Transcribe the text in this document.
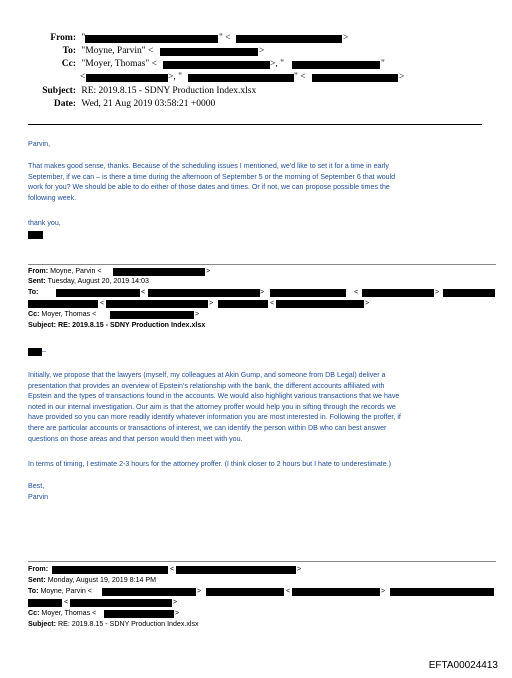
From: "	" <	>
To: "Moyne, Parvin" <	>
Cc: "Moyer, Thomas" <	>, "	"
<	>, "	" <	>
Subject: RE: 2019.8.15 - SDNY Production Index.xlsx
Date: Wed, 21 Aug 2019 03:58:21 +0000
Parvin,
That makes good sense, thanks. Because of the scheduling issues I mentioned, we'd like to set it for a time in early
September, if we can – is there a time during the afternoon of September 5 or the morning of September 6 that would
work for you? We should be able to do either of those dates and times. Or if not, we can propose possible times the
following week.
thank you,
From: Moyne, Parvin <	>
Sent: Tuesday, August 20, 2019 14:03
To:	<	>	<	>
<	>	<	>
Cc: Moyer, Thomas <	>
Subject: RE: 2019.8.15 - SDNY Production Index.xlsx
–
Initially, we propose that the lawyers (myself, my colleagues at Akin Gump, and someone from DB Legal) deliver a
presentation that provides an overview of Epstein's relationship with the bank, the different accounts affiliated with
Epstein and the types of transactions found in the accounts. We would also highlight various transactions that we have
noted in our internal investigation. Our aim is that the attorney proffer would help you in sifting through the records we
have provided so you can more readily identify whatever information you are most interested in. Following the proffer, if
there are particular accounts or transactions of interest, we can identify the person within DB who can best answer
questions on those areas and that person would then meet with you.
In terms of timing, I estimate 2-3 hours for the attorney proffer. (I think closer to 2 hours but I hate to underestimate.)
Best,
Parvin
From:	<	>
Sent: Monday, August 19, 2019 8:14 PM
To: Moyne, Parvin <	>	<	>
<	>
Cc: Moyer, Thomas <	>
Subject: RE: 2019.8.15 - SDNY Production Index.xlsx
EFTA00024413
